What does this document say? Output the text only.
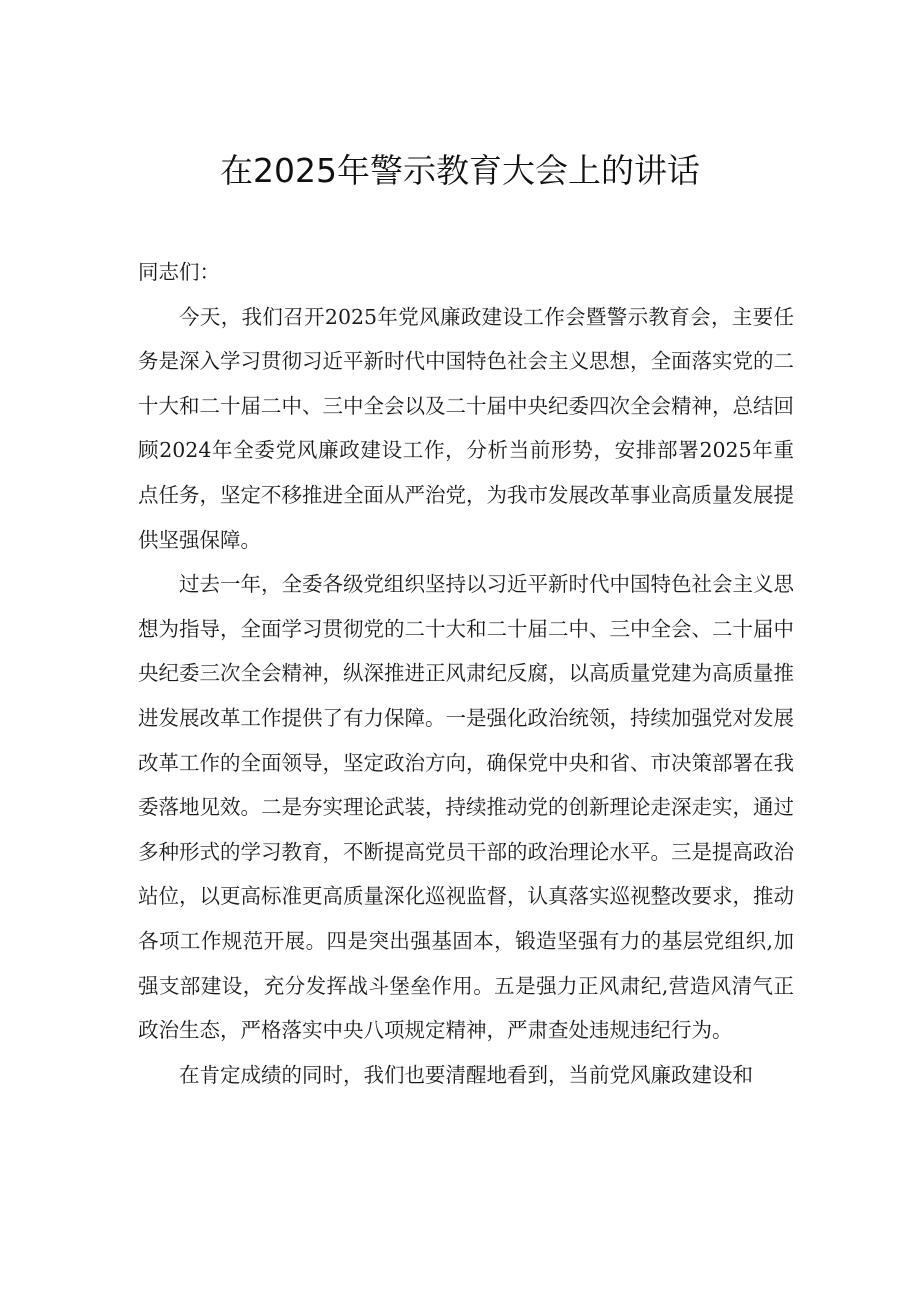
在2025年警示教育大会上的讲话

同志们：

今天，我们召开2025年党风廉政建设工作会暨警示教育会，主要任务是深入学习贯彻习近平新时代中国特色社会主义思想，全面落实党的二十大和二十届二中、三中全会以及二十届中央纪委四次全会精神，总结回顾2024年全委党风廉政建设工作，分析当前形势，安排部署2025年重点任务，坚定不移推进全面从严治党，为我市发展改革事业高质量发展提供坚强保障。

过去一年，全委各级党组织坚持以习近平新时代中国特色社会主义思想为指导，全面学习贯彻党的二十大和二十届二中、三中全会、二十届中央纪委三次全会精神，纵深推进正风肃纪反腐，以高质量党建为高质量推进发展改革工作提供了有力保障。一是强化政治统领，持续加强党对发展改革工作的全面领导，坚定政治方向，确保党中央和省、市决策部署在我委落地见效。二是夯实理论武装，持续推动党的创新理论走深走实，通过多种形式的学习教育，不断提高党员干部的政治理论水平。三是提高政治站位，以更高标准更高质量深化巡视监督，认真落实巡视整改要求，推动各项工作规范开展。四是突出强基固本，锻造坚强有力的基层党组织,加强支部建设，充分发挥战斗堡垒作用。五是强力正风肃纪,营造风清气正政治生态，严格落实中央八项规定精神，严肃查处违规违纪行为。

在肯定成绩的同时，我们也要清醒地看到，当前党风廉政建设和
